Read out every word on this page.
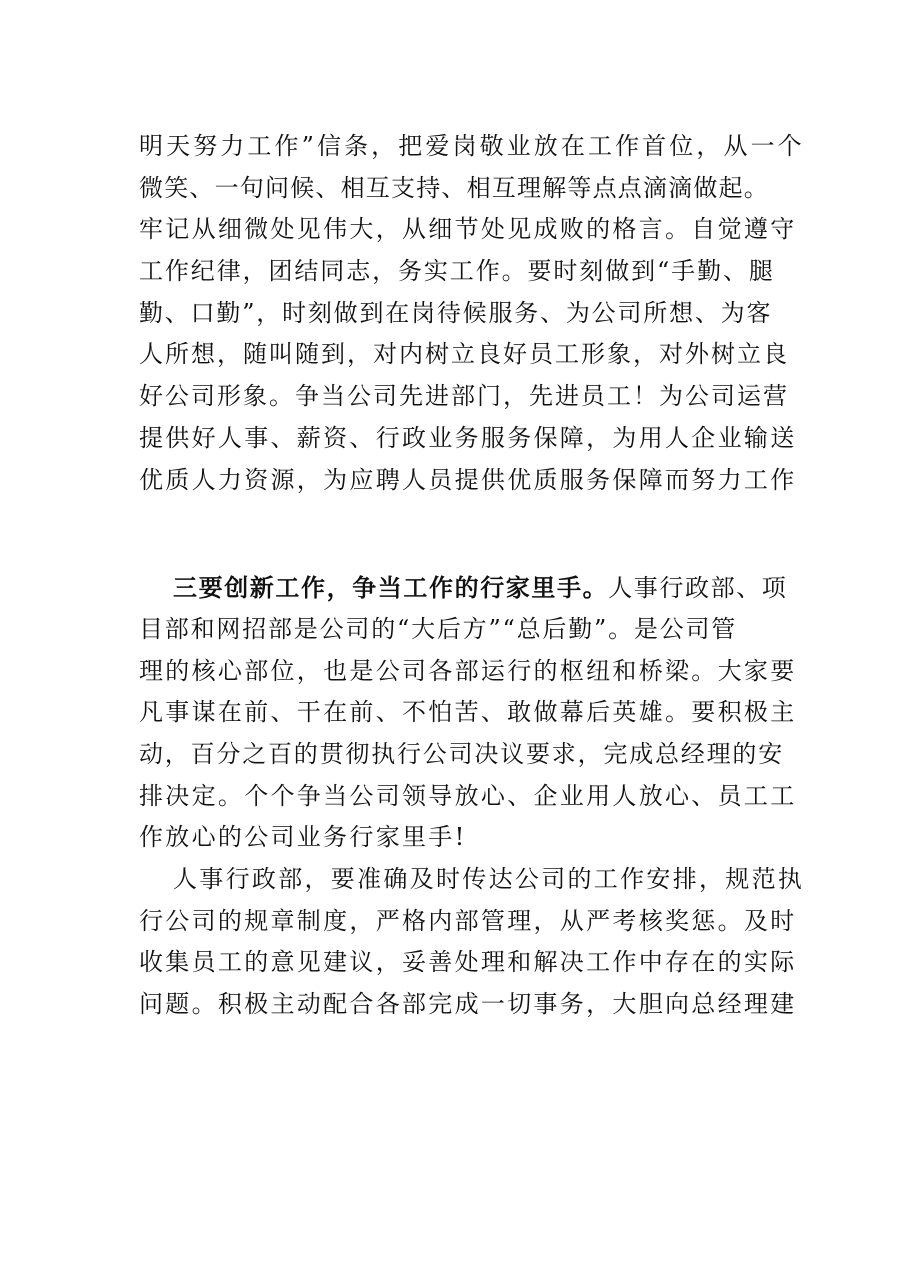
明天努力工作”信条，把爱岗敬业放在工作首位，从一个
微笑、一句问候、相互支持、相互理解等点点滴滴做起。
牢记从细微处见伟大，从细节处见成败的格言。自觉遵守
工作纪律，团结同志，务实工作。要时刻做到“手勤、腿
勤、口勤”，时刻做到在岗待候服务、为公司所想、为客
人所想，随叫随到，对内树立良好员工形象，对外树立良
好公司形象。争当公司先进部门，先进员工！为公司运营
提供好人事、薪资、行政业务服务保障，为用人企业输送
优质人力资源，为应聘人员提供优质服务保障而努力工作
三要创新工作，争当工作的行家里手。人事行政部、项
目部和网招部是公司的“大后方”“总后勤”。是公司管
理的核心部位，也是公司各部运行的枢纽和桥梁。大家要
凡事谋在前、干在前、不怕苦、敢做幕后英雄。要积极主
动，百分之百的贯彻执行公司决议要求，完成总经理的安
排决定。个个争当公司领导放心、企业用人放心、员工工
作放心的公司业务行家里手!
人事行政部，要准确及时传达公司的工作安排，规范执
行公司的规章制度，严格内部管理，从严考核奖惩。及时
收集员工的意见建议，妥善处理和解决工作中存在的实际
问题。积极主动配合各部完成一切事务，大胆向总经理建
